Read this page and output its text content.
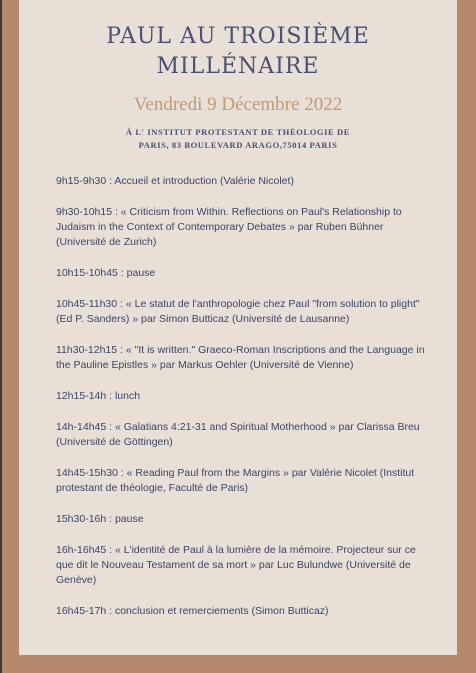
PAUL AU TROISIÈME
MILLÉNAIRE

Vendredi 9 Décembre 2022

À L' INSTITUT PROTESTANT DE THÉOLOGIE DE
PARIS, 83 BOULEVARD ARAGO,75014 PARIS

9h15-9h30 : Accueil et introduction (Valérie Nicolet)
9h30-10h15 : « Criticism from Within. Reflections on Paul's Relationship to Judaism in the Context of Contemporary Debates » par Ruben Bühner (Université de Zurich)
10h15-10h45 : pause
10h45-11h30 : « Le statut de l'anthropologie chez Paul "from solution to plight" (Ed P. Sanders) » par Simon Butticaz (Université de Lausanne)
11h30-12h15 : « "It is written." Graeco-Roman Inscriptions and the Language in the Pauline Epistles » par Markus Oehler (Université de Vienne)
12h15-14h : lunch
14h-14h45 : « Galatians 4:21-31 and Spiritual Motherhood » par Clarissa Breu (Université de Göttingen)
14h45-15h30 : « Reading Paul from the Margins » par Valérie Nicolet (Institut protestant de théologie, Faculté de Paris)
15h30-16h : pause
16h-16h45 : « L'identité de Paul à la lumière de la mémoire. Projecteur sur ce que dit le Nouveau Testament de sa mort » par Luc Bulundwe (Université de Genève)
16h45-17h : conclusion et remerciements (Simon Butticaz)
